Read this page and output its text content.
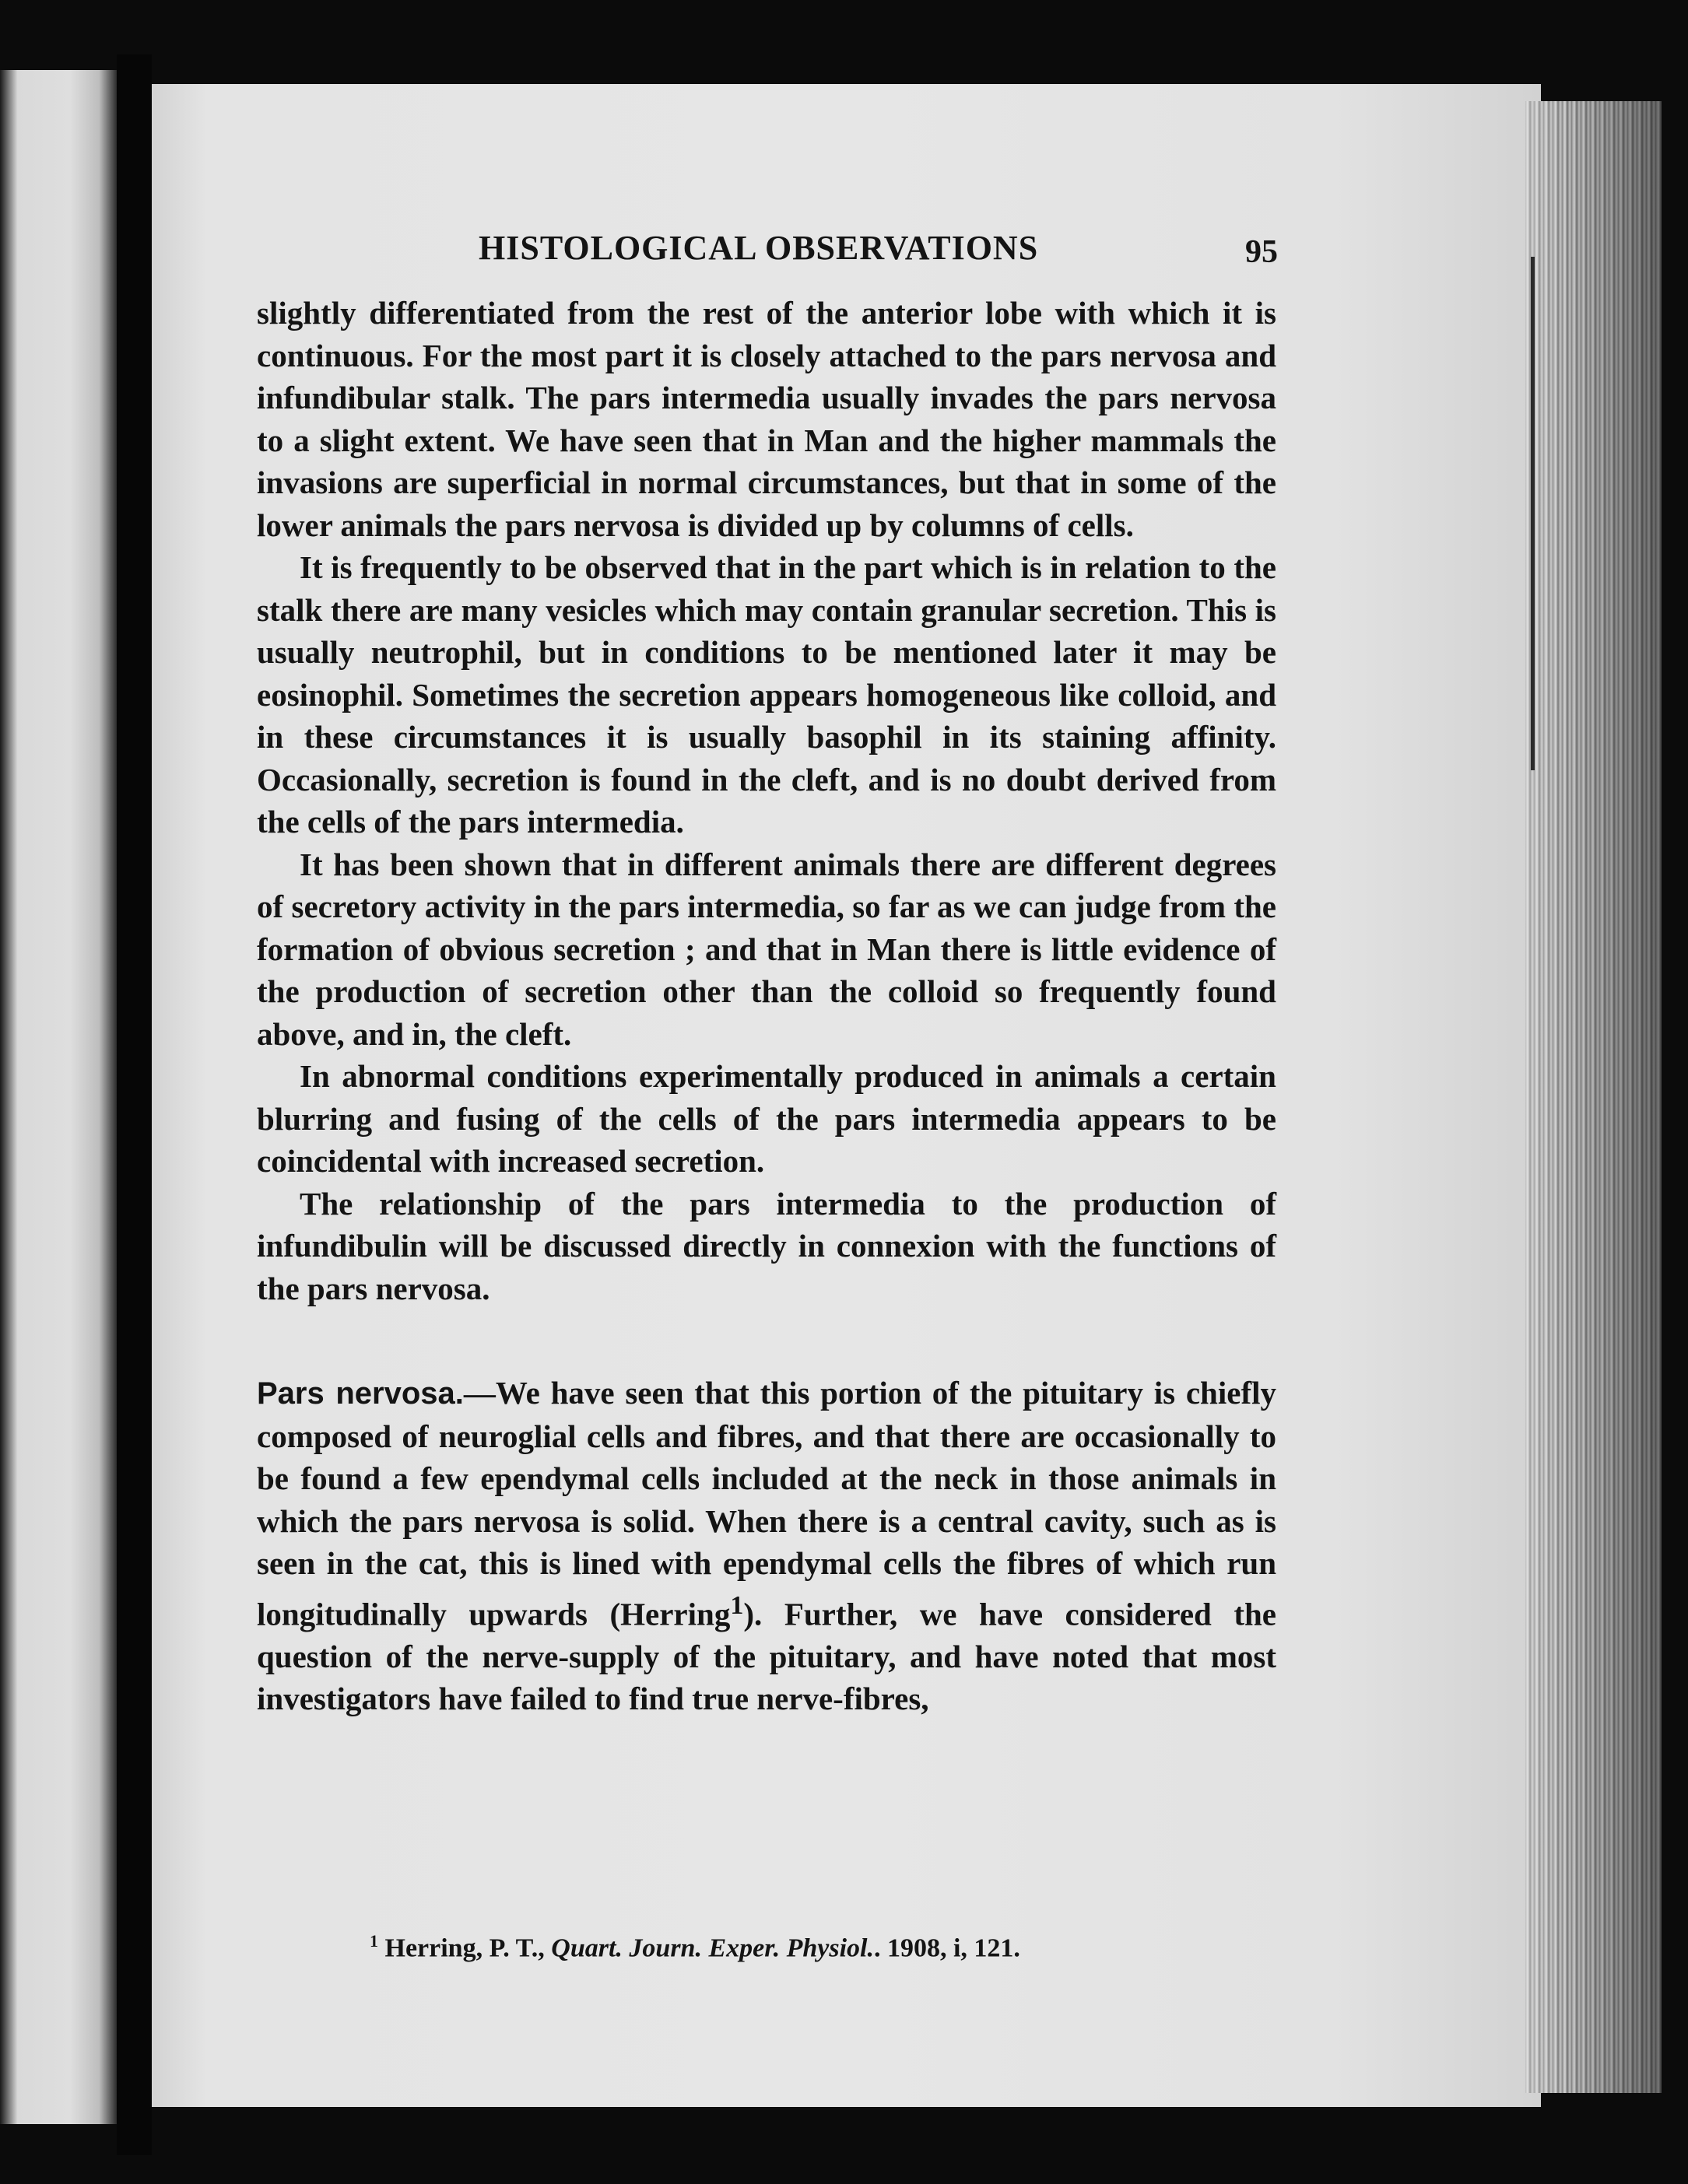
HISTOLOGICAL OBSERVATIONS	95

slightly differentiated from the rest of the anterior lobe with which it is continuous. For the most part it is closely attached to the pars nervosa and infundibular stalk. The pars intermedia usually invades the pars nervosa to a slight extent. We have seen that in Man and the higher mammals the invasions are superficial in normal circumstances, but that in some of the lower animals the pars nervosa is divided up by columns of cells.

It is frequently to be observed that in the part which is in relation to the stalk there are many vesicles which may contain granular secretion. This is usually neutrophil, but in conditions to be mentioned later it may be eosinophil. Sometimes the secretion appears homogeneous like colloid, and in these circumstances it is usually basophil in its staining affinity. Occasionally, secretion is found in the cleft, and is no doubt derived from the cells of the pars intermedia.

It has been shown that in different animals there are different degrees of secretory activity in the pars intermedia, so far as we can judge from the formation of obvious secretion ; and that in Man there is little evidence of the production of secretion other than the colloid so frequently found above, and in, the cleft.

In abnormal conditions experimentally produced in animals a certain blurring and fusing of the cells of the pars intermedia appears to be coincidental with increased secretion.

The relationship of the pars intermedia to the production of infundibulin will be discussed directly in connexion with the functions of the pars nervosa.

Pars nervosa.—We have seen that this portion of the pituitary is chiefly composed of neuroglial cells and fibres, and that there are occasionally to be found a few ependymal cells included at the neck in those animals in which the pars nervosa is solid. When there is a central cavity, such as is seen in the cat, this is lined with ependymal cells the fibres of which run longitudinally upwards (Herring$^1$). Further, we have considered the question of the nerve-supply of the pituitary, and have noted that most investigators have failed to find true nerve-fibres,

$^1$ Herring, P. T., Quart. Journ. Exper. Physiol.. 1908, i, 121.
